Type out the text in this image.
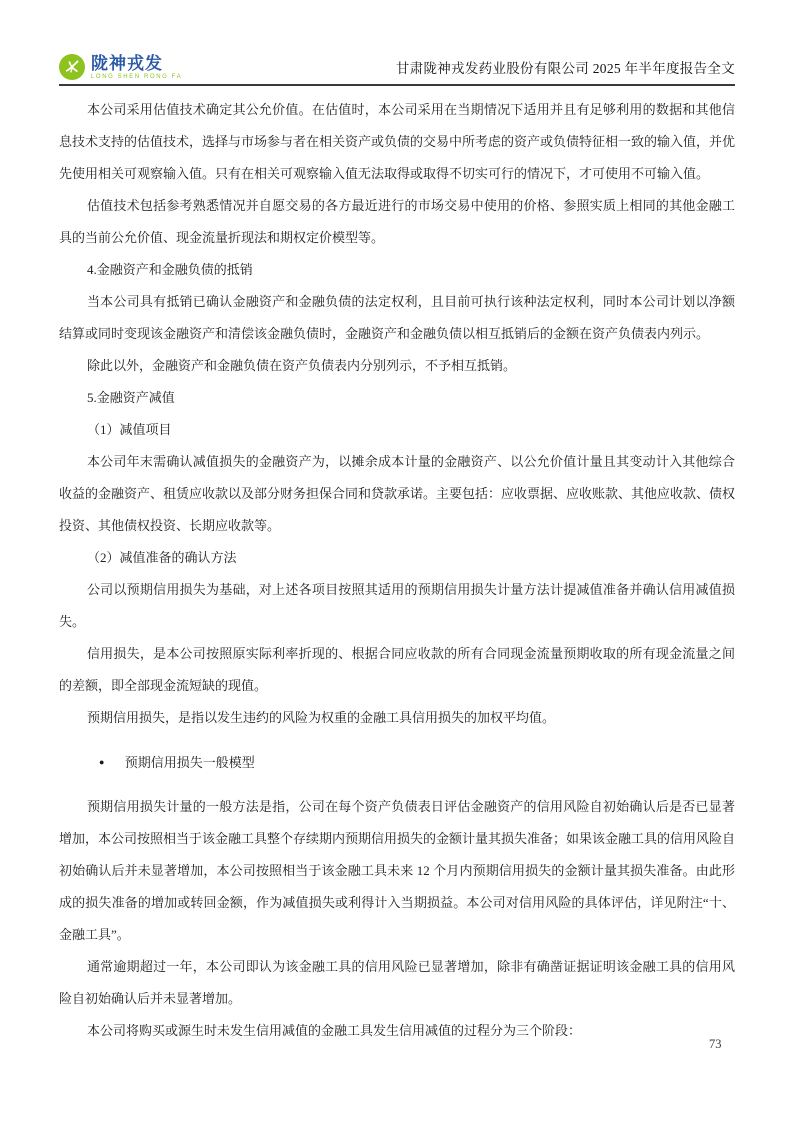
陇神戎发
LONG SHEN RONG FA
甘肃陇神戎发药业股份有限公司 2025 年半年度报告全文

本公司采用估值技术确定其公允价值。在估值时，本公司采用在当期情况下适用并且有足够利用的数据和其他信息技术支持的估值技术，选择与市场参与者在相关资产或负债的交易中所考虑的资产或负债特征相一致的输入值，并优先使用相关可观察输入值。只有在相关可观察输入值无法取得或取得不切实可行的情况下，才可使用不可输入值。

估值技术包括参考熟悉情况并自愿交易的各方最近进行的市场交易中使用的价格、参照实质上相同的其他金融工具的当前公允价值、现金流量折现法和期权定价模型等。

4.金融资产和金融负债的抵销

当本公司具有抵销已确认金融资产和金融负债的法定权利，且目前可执行该种法定权利，同时本公司计划以净额结算或同时变现该金融资产和清偿该金融负债时，金融资产和金融负债以相互抵销后的金额在资产负债表内列示。

除此以外，金融资产和金融负债在资产负债表内分别列示，不予相互抵销。

5.金融资产减值

（1）减值项目

本公司年末需确认减值损失的金融资产为，以摊余成本计量的金融资产、以公允价值计量且其变动计入其他综合收益的金融资产、租赁应收款以及部分财务担保合同和贷款承诺。主要包括：应收票据、应收账款、其他应收款、债权投资、其他债权投资、长期应收款等。

（2）减值准备的确认方法

公司以预期信用损失为基础，对上述各项目按照其适用的预期信用损失计量方法计提减值准备并确认信用减值损失。

信用损失，是本公司按照原实际利率折现的、根据合同应收款的所有合同现金流量预期收取的所有现金流量之间的差额，即全部现金流短缺的现值。

预期信用损失，是指以发生违约的风险为权重的金融工具信用损失的加权平均值。

● 预期信用损失一般模型

预期信用损失计量的一般方法是指，公司在每个资产负债表日评估金融资产的信用风险自初始确认后是否已显著增加，本公司按照相当于该金融工具整个存续期内预期信用损失的金额计量其损失准备；如果该金融工具的信用风险自初始确认后并未显著增加，本公司按照相当于该金融工具未来 12 个月内预期信用损失的金额计量其损失准备。由此形成的损失准备的增加或转回金额，作为减值损失或利得计入当期损益。本公司对信用风险的具体评估，详见附注“十、金融工具”。

通常逾期超过一年，本公司即认为该金融工具的信用风险已显著增加，除非有确凿证据证明该金融工具的信用风险自初始确认后并未显著增加。

本公司将购买或源生时未发生信用减值的金融工具发生信用减值的过程分为三个阶段：

73
